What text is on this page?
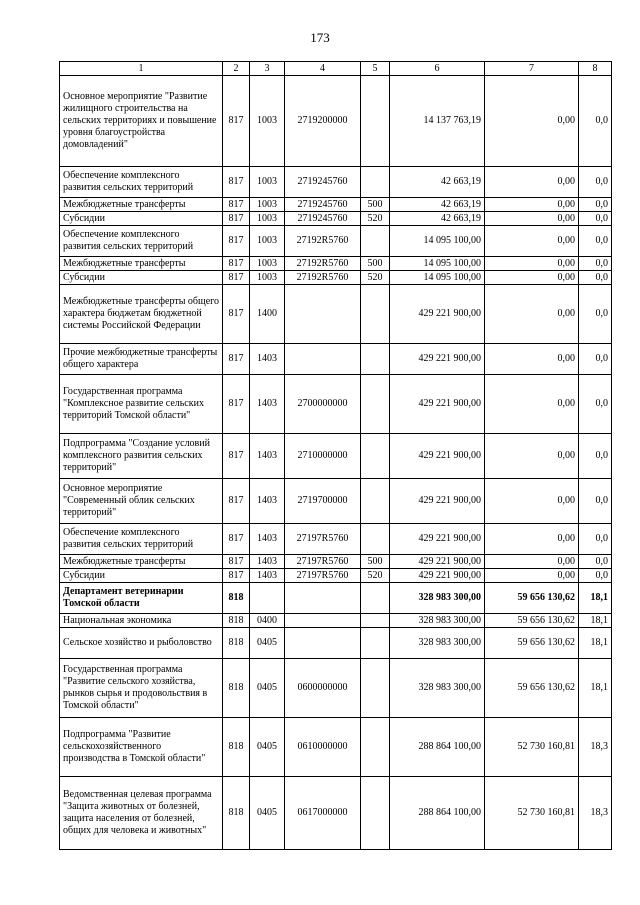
173
1	2	3	4	5	6	7	8
Основное мероприятие "Развитие жилищного строительства на сельских территориях и повышение уровня благоустройства домовладений"	817	1003	2719200000		14 137 763,19	0,00	0,0
Обеспечение комплексного развития сельских территорий	817	1003	2719245760		42 663,19	0,00	0,0
Межбюджетные трансферты	817	1003	2719245760	500	42 663,19	0,00	0,0
Субсидии	817	1003	2719245760	520	42 663,19	0,00	0,0
Обеспечение комплексного развития сельских территорий	817	1003	27192R5760		14 095 100,00	0,00	0,0
Межбюджетные трансферты	817	1003	27192R5760	500	14 095 100,00	0,00	0,0
Субсидии	817	1003	27192R5760	520	14 095 100,00	0,00	0,0
Межбюджетные трансферты общего характера бюджетам бюджетной системы Российской Федерации	817	1400			429 221 900,00	0,00	0,0
Прочие межбюджетные трансферты общего характера	817	1403			429 221 900,00	0,00	0,0
Государственная программа "Комплексное развитие сельских территорий Томской области"	817	1403	2700000000		429 221 900,00	0,00	0,0
Подпрограмма "Создание условий комплексного развития сельских территорий"	817	1403	2710000000		429 221 900,00	0,00	0,0
Основное мероприятие "Современный облик сельских территорий"	817	1403	2719700000		429 221 900,00	0,00	0,0
Обеспечение комплексного развития сельских территорий	817	1403	27197R5760		429 221 900,00	0,00	0,0
Межбюджетные трансферты	817	1403	27197R5760	500	429 221 900,00	0,00	0,0
Субсидии	817	1403	27197R5760	520	429 221 900,00	0,00	0,0
Департамент ветеринарии Томской области	818				328 983 300,00	59 656 130,62	18,1
Национальная экономика	818	0400			328 983 300,00	59 656 130,62	18,1
Сельское хозяйство и рыболовство	818	0405			328 983 300,00	59 656 130,62	18,1
Государственная программа "Развитие сельского хозяйства, рынков сырья и продовольствия в Томской области"	818	0405	0600000000		328 983 300,00	59 656 130,62	18,1
Подпрограмма "Развитие сельскохозяйственного производства в Томской области"	818	0405	0610000000		288 864 100,00	52 730 160,81	18,3
Ведомственная целевая программа "Защита животных от болезней, защита населения от болезней, общих для человека и животных"	818	0405	0617000000		288 864 100,00	52 730 160,81	18,3
